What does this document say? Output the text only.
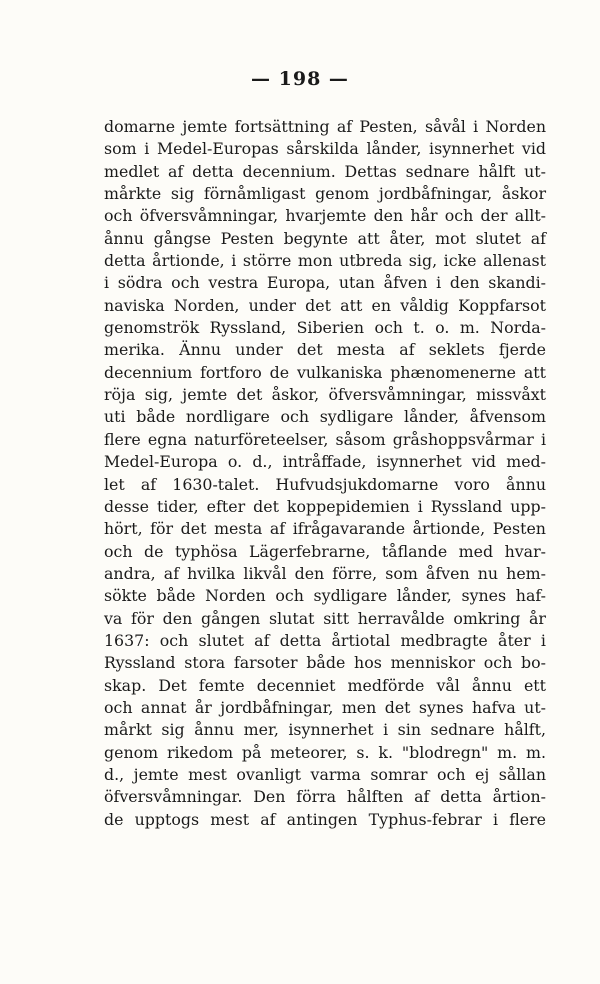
— 198 —
domarne jemte fortsättning af Pesten, såvål i Norden
som i Medel-Europas sårskilda lånder, isynnerhet vid
medlet af detta decennium. Dettas sednare hålft ut-
mårkte sig förnåmligast genom jordbåfningar, åskor
och öfversvåmningar, hvarjemte den hår och der allt-
ånnu gångse Pesten begynte att åter, mot slutet af
detta årtionde, i större mon utbreda sig, icke allenast
i södra och vestra Europa, utan åfven i den skandi-
naviska Norden, under det att en våldig Koppfarsot
genomströk Ryssland, Siberien och t. o. m. Norda-
merika. Ännu under det mesta af seklets fjerde
decennium fortforo de vulkaniska phænomenerne att
röja sig, jemte det åskor, öfversvåmningar, missvåxt
uti både nordligare och sydligare lånder, åfvensom
flere egna naturföreteelser, såsom gråshoppsvårmar i
Medel-Europa o. d., intråffade, isynnerhet vid med-
let af 1630-talet. Hufvudsjukdomarne voro ånnu
desse tider, efter det koppepidemien i Ryssland upp-
hört, för det mesta af ifrågavarande årtionde, Pesten
och de typhösa Lägerfebrarne, tåflande med hvar-
andra, af hvilka likvål den förre, som åfven nu hem-
sökte både Norden och sydligare lånder, synes haf-
va för den gången slutat sitt herravålde omkring år
1637: och slutet af detta årtiotal medbragte åter i
Ryssland stora farsoter både hos menniskor och bo-
skap. Det femte decenniet medförde vål ånnu ett
och annat år jordbåfningar, men det synes hafva ut-
mårkt sig ånnu mer, isynnerhet i sin sednare hålft,
genom rikedom på meteorer, s. k. "blodregn" m. m.
d., jemte mest ovanligt varma somrar och ej sållan
öfversvåmningar. Den förra hålften af detta årtion-
de upptogs mest af antingen Typhus-febrar i flere
